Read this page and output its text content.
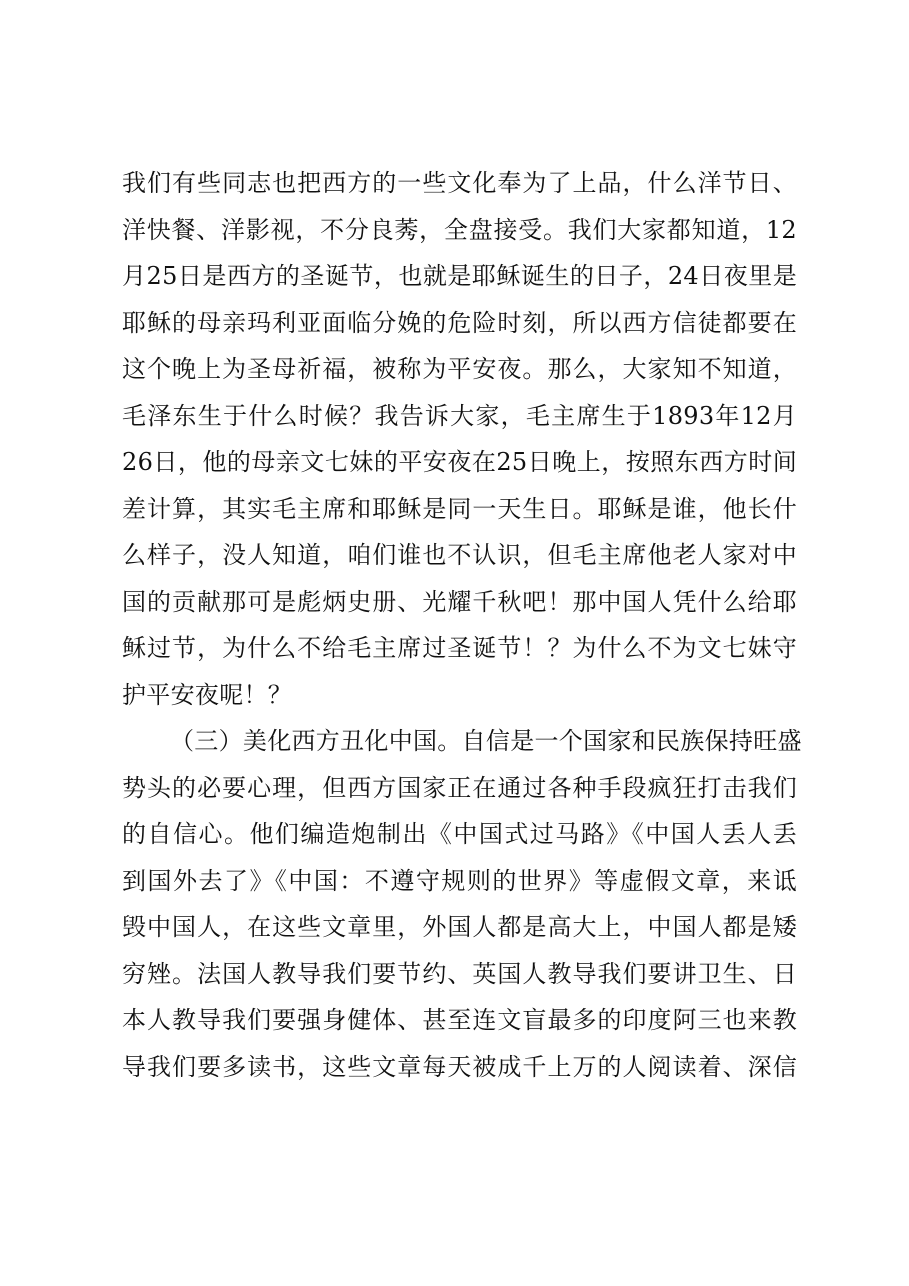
我们有些同志也把西方的一些文化奉为了上品，什么洋节日、
洋快餐、洋影视，不分良莠，全盘接受。我们大家都知道，12
月25日是西方的圣诞节，也就是耶稣诞生的日子，24日夜里是
耶稣的母亲玛利亚面临分娩的危险时刻，所以西方信徒都要在
这个晚上为圣母祈福，被称为平安夜。那么，大家知不知道，
毛泽东生于什么时候？我告诉大家，毛主席生于1893年12月
26日，他的母亲文七妹的平安夜在25日晚上，按照东西方时间
差计算，其实毛主席和耶稣是同一天生日。耶稣是谁，他长什
么样子，没人知道，咱们谁也不认识，但毛主席他老人家对中
国的贡献那可是彪炳史册、光耀千秋吧！那中国人凭什么给耶
稣过节，为什么不给毛主席过圣诞节！？为什么不为文七妹守
护平安夜呢！？
（三）美化西方丑化中国。自信是一个国家和民族保持旺盛
势头的必要心理，但西方国家正在通过各种手段疯狂打击我们
的自信心。他们编造炮制出《中国式过马路》《中国人丢人丢
到国外去了》《中国：不遵守规则的世界》等虚假文章，来诋
毁中国人，在这些文章里，外国人都是高大上，中国人都是矮
穷矬。法国人教导我们要节约、英国人教导我们要讲卫生、日
本人教导我们要强身健体、甚至连文盲最多的印度阿三也来教
导我们要多读书，这些文章每天被成千上万的人阅读着、深信
